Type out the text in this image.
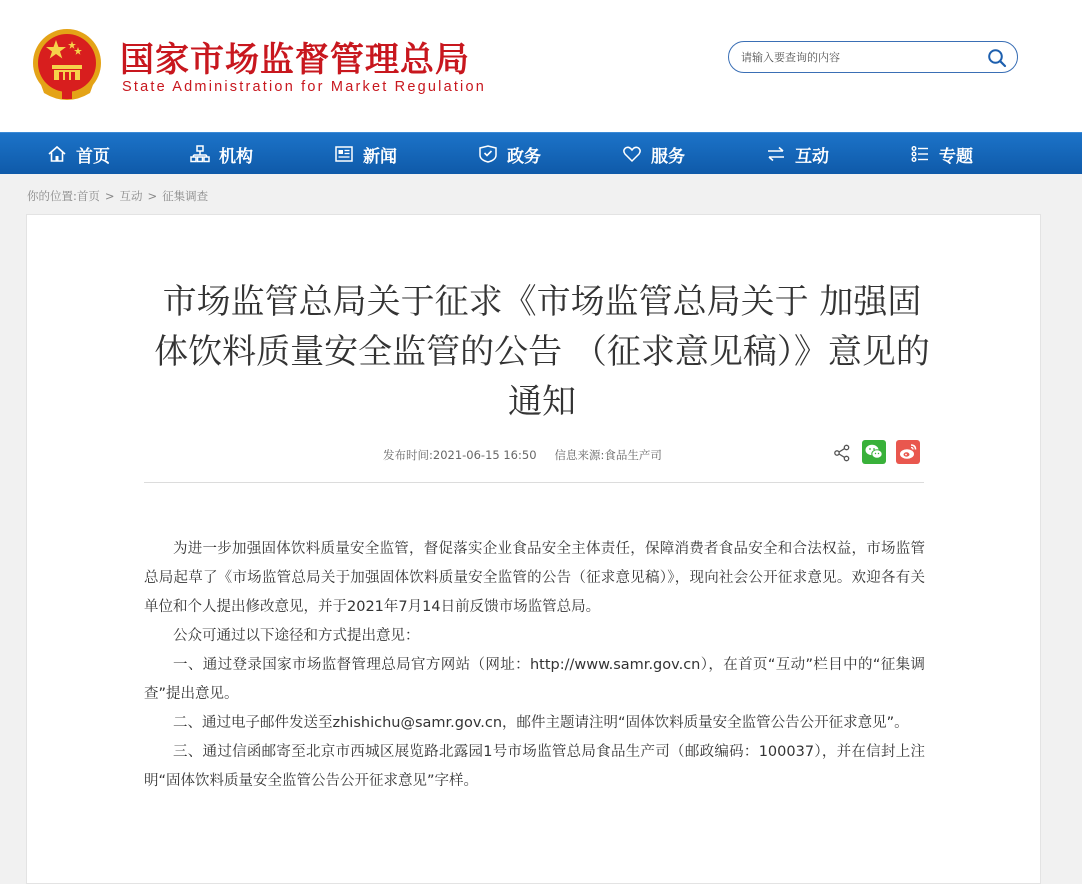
国家市场监督管理总局
State Administration for Market Regulation
请输入要查询的内容
首页	机构	新闻	政务	服务	互动	专题
你的位置:首页 > 互动 > 征集调查
市场监管总局关于征求《市场监管总局关于 加强固体饮料质量安全监管的公告 （征求意见稿）》意见的通知
发布时间:2021-06-15 16:50 信息来源:食品生产司

为进一步加强固体饮料质量安全监管，督促落实企业食品安全主体责任，保障消费者食品安全和合法权益，市场监管总局起草了《市场监管总局关于加强固体饮料质量安全监管的公告（征求意见稿）》，现向社会公开征求意见。欢迎各有关单位和个人提出修改意见，并于2021年7月14日前反馈市场监管总局。

公众可通过以下途径和方式提出意见：

一、通过登录国家市场监督管理总局官方网站（网址：http://www.samr.gov.cn），在首页“互动”栏目中的“征集调查”提出意见。

二、通过电子邮件发送至zhishichu@samr.gov.cn，邮件主题请注明“固体饮料质量安全监管公告公开征求意见”。

三、通过信函邮寄至北京市西城区展览路北露园1号市场监管总局食品生产司（邮政编码：100037），并在信封上注明“固体饮料质量安全监管公告公开征求意见”字样。
